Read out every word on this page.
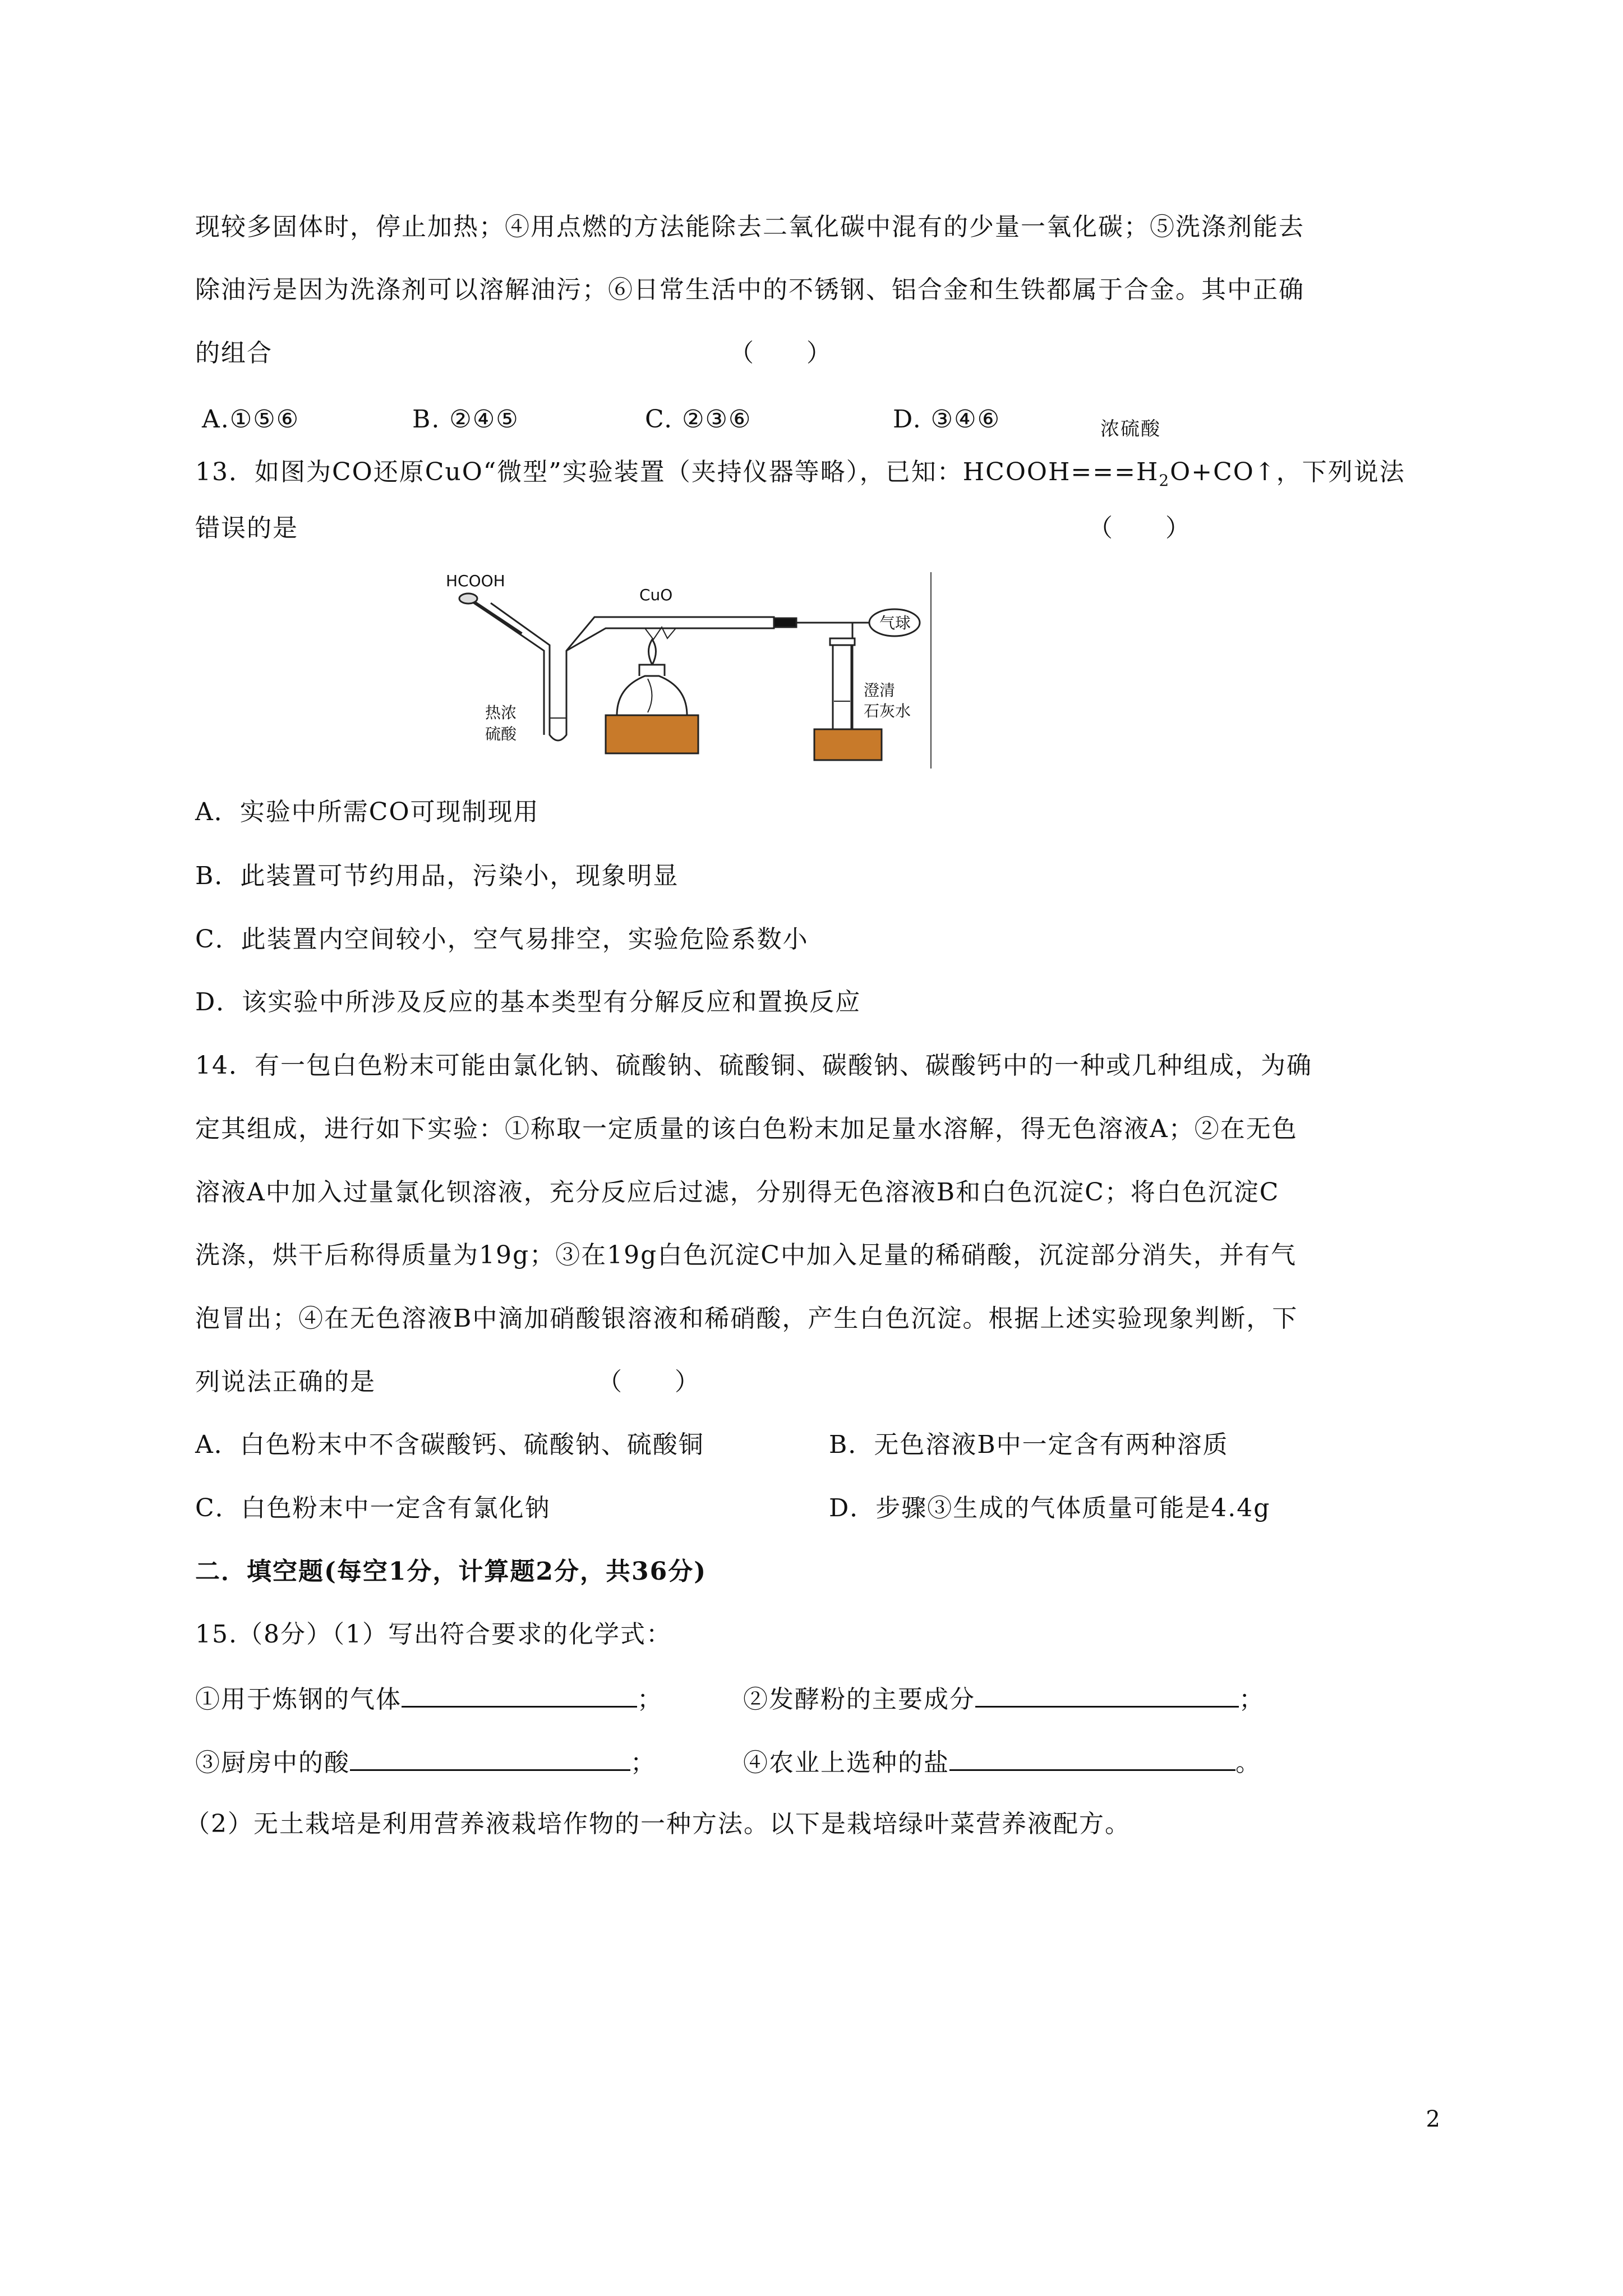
现较多固体时，停止加热；④用点燃的方法能除去二氧化碳中混有的少量一氧化碳；⑤洗涤剂能去
除油污是因为洗涤剂可以溶解油污；⑥日常生活中的不锈钢、铝合金和生铁都属于合金。其中正确
的组合	（　　）
A.①⑤⑥	B. ②④⑤	C. ②③⑥	D. ③④⑥	浓硫酸
13．如图为CO还原CuO“微型”实验装置（夹持仪器等略），已知：$HCOOH===H_2O+CO↑$，下列说法
错误的是	（　　）
HCOOH
CuO
气球
热浓
硫酸
澄清
石灰水
A．实验中所需CO可现制现用
B．此装置可节约用品，污染小，现象明显
C．此装置内空间较小，空气易排空，实验危险系数小
D．该实验中所涉及反应的基本类型有分解反应和置换反应
14．有一包白色粉末可能由氯化钠、硫酸钠、硫酸铜、碳酸钠、碳酸钙中的一种或几种组成，为确
定其组成，进行如下实验：①称取一定质量的该白色粉末加足量水溶解，得无色溶液A；②在无色
溶液A中加入过量氯化钡溶液，充分反应后过滤，分别得无色溶液B和白色沉淀C；将白色沉淀C
洗涤，烘干后称得质量为19g；③在19g白色沉淀C中加入足量的稀硝酸，沉淀部分消失，并有气
泡冒出；④在无色溶液B中滴加硝酸银溶液和稀硝酸，产生白色沉淀。根据上述实验现象判断，下
列说法正确的是	（　　）
A．白色粉末中不含碳酸钙、硫酸钠、硫酸铜	B．无色溶液B中一定含有两种溶质
C．白色粉末中一定含有氯化钠	D．步骤③生成的气体质量可能是4.4g
二．填空题(每空1分，计算题2分，共36分)
15.（8分）（1）写出符合要求的化学式：
①用于炼钢的气体	；	②发酵粉的主要成分	；
③厨房中的酸	；	④农业上选种的盐	。
（2）无土栽培是利用营养液栽培作物的一种方法。以下是栽培绿叶菜营养液配方。
2
